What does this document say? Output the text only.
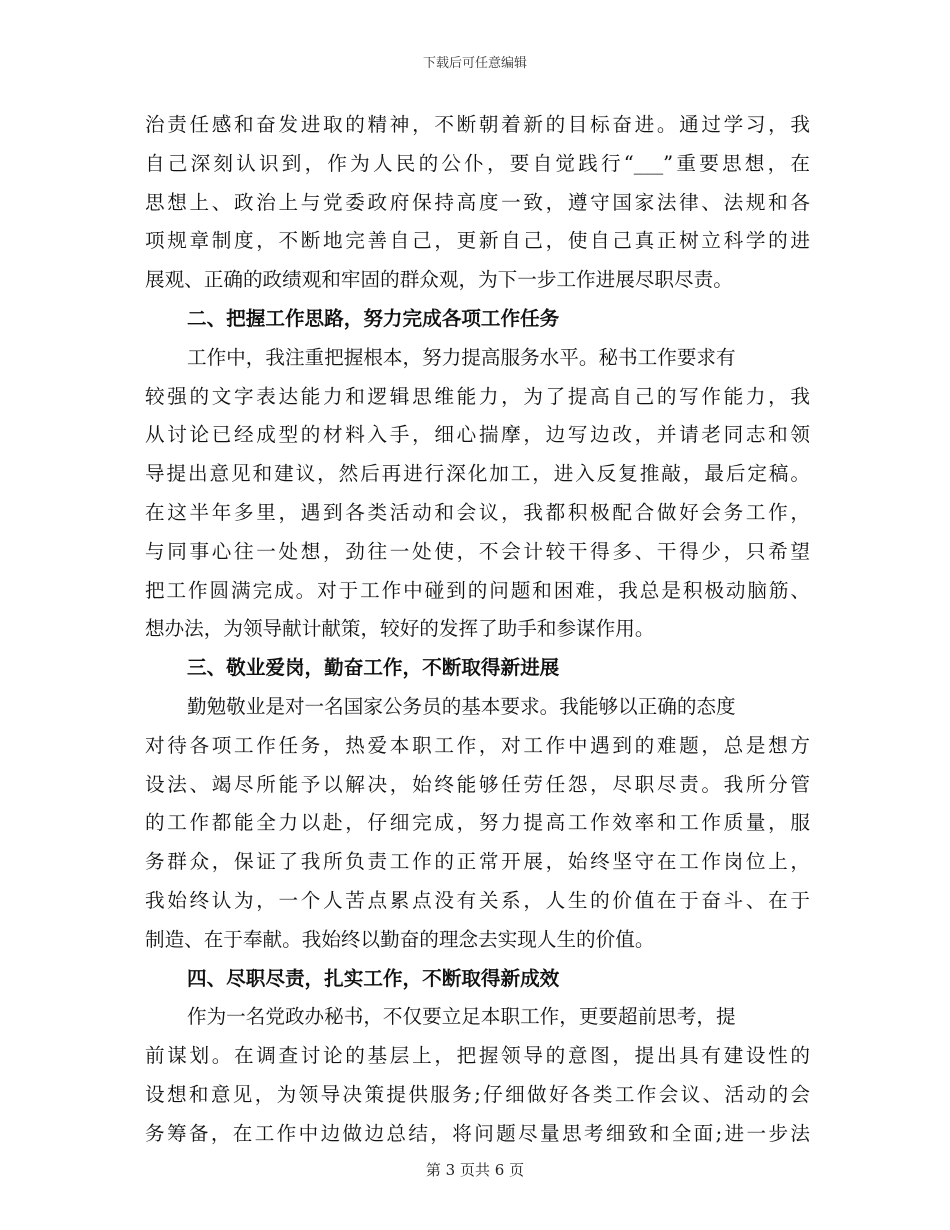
下载后可任意编辑
治责任感和奋发进取的精神，不断朝着新的目标奋进。通过学习，我
自己深刻认识到，作为人民的公仆，要自觉践行“___”重要思想，在
思想上、政治上与党委政府保持高度一致，遵守国家法律、法规和各
项规章制度，不断地完善自己，更新自己，使自己真正树立科学的进
展观、正确的政绩观和牢固的群众观，为下一步工作进展尽职尽责。
二、把握工作思路，努力完成各项工作任务
工作中，我注重把握根本，努力提高服务水平。秘书工作要求有
较强的文字表达能力和逻辑思维能力，为了提高自己的写作能力，我
从讨论已经成型的材料入手，细心揣摩，边写边改，并请老同志和领
导提出意见和建议，然后再进行深化加工，进入反复推敲，最后定稿。
在这半年多里，遇到各类活动和会议，我都积极配合做好会务工作，
与同事心往一处想，劲往一处使，不会计较干得多、干得少，只希望
把工作圆满完成。对于工作中碰到的问题和困难，我总是积极动脑筋、
想办法，为领导献计献策，较好的发挥了助手和参谋作用。
三、敬业爱岗，勤奋工作，不断取得新进展
勤勉敬业是对一名国家公务员的基本要求。我能够以正确的态度
对待各项工作任务，热爱本职工作，对工作中遇到的难题，总是想方
设法、竭尽所能予以解决，始终能够任劳任怨，尽职尽责。我所分管
的工作都能全力以赴，仔细完成，努力提高工作效率和工作质量，服
务群众，保证了我所负责工作的正常开展，始终坚守在工作岗位上，
我始终认为，一个人苦点累点没有关系，人生的价值在于奋斗、在于
制造、在于奉献。我始终以勤奋的理念去实现人生的价值。
四、尽职尽责，扎实工作，不断取得新成效
作为一名党政办秘书，不仅要立足本职工作，更要超前思考，提
前谋划。在调查讨论的基层上，把握领导的意图，提出具有建设性的
设想和意见，为领导决策提供服务;仔细做好各类工作会议、活动的会
务筹备，在工作中边做边总结，将问题尽量思考细致和全面;进一步法
第 3 页共 6 页
